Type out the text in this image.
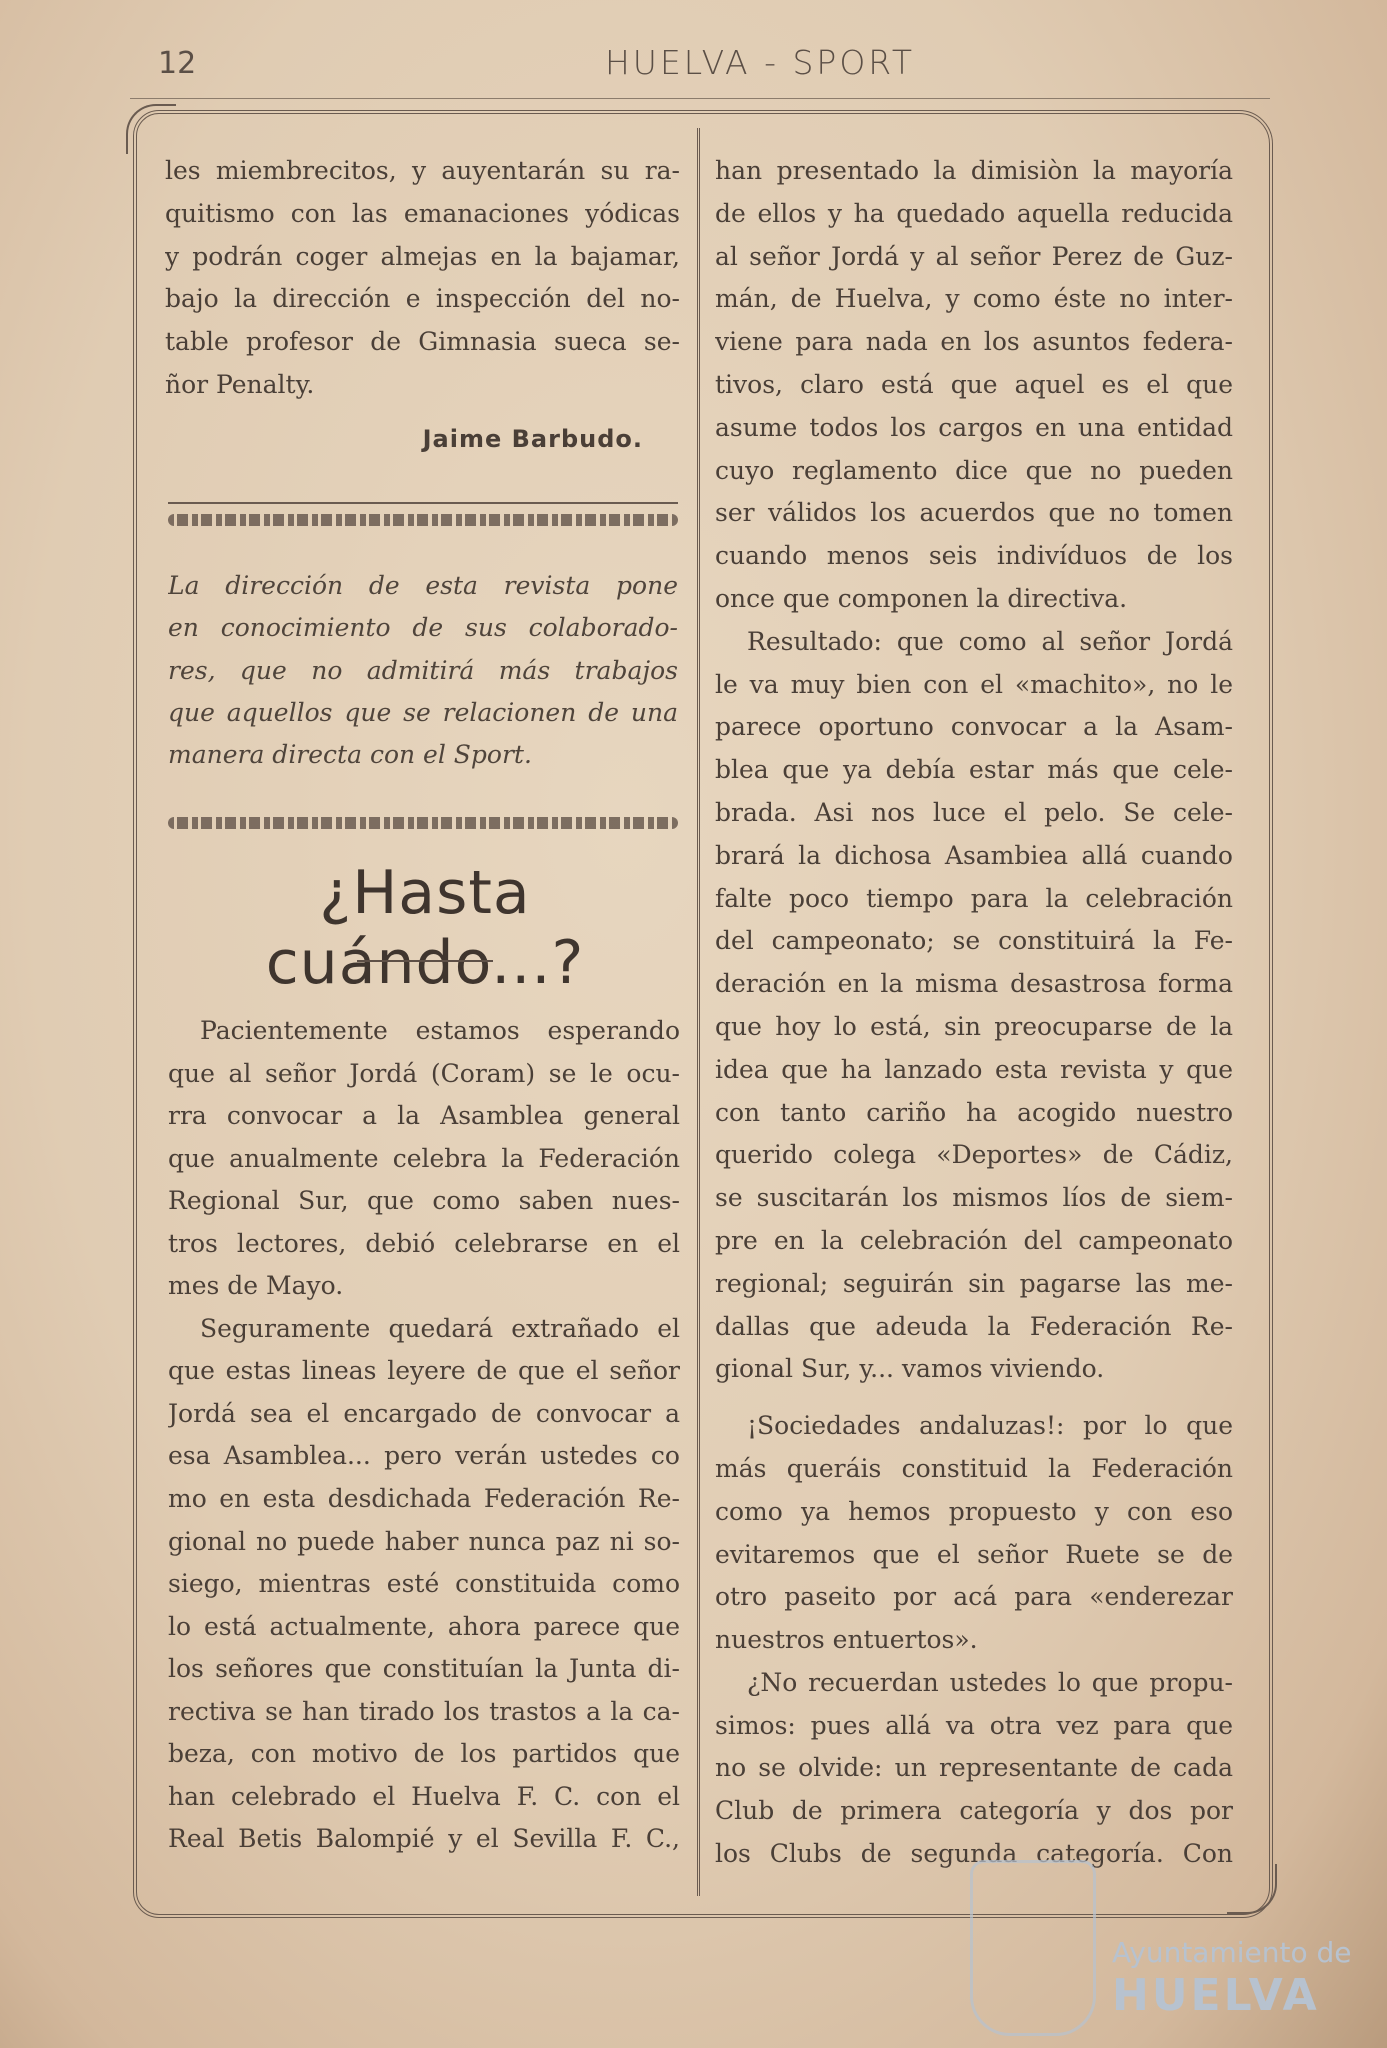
12	HUELVA - SPORT
les miembrecitos, y auyentarán su ra-
quitismo con las emanaciones yódicas
y podrán coger almejas en la bajamar,
bajo la dirección e inspección del no-
table profesor de Gimnasia sueca se-
ñor Penalty.
Jaime Barbudo.
La dirección de esta revista pone
en conocimiento de sus colaborado-
res, que no admitirá más trabajos
que aquellos que se relacionen de una
manera directa con el Sport.
¿Hasta cuándo...?
Pacientemente estamos esperando
que al señor Jordá (Coram) se le ocu-
rra convocar a la Asamblea general
que anualmente celebra la Federación
Regional Sur, que como saben nues-
tros lectores, debió celebrarse en el
mes de Mayo.
Seguramente quedará extrañado el
que estas lineas leyere de que el señor
Jordá sea el encargado de convocar a
esa Asamblea... pero verán ustedes co
mo en esta desdichada Federación Re-
gional no puede haber nunca paz ni so-
siego, mientras esté constituida como
lo está actualmente, ahora parece que
los señores que constituían la Junta di-
rectiva se han tirado los trastos a la ca-
beza, con motivo de los partidos que
han celebrado el Huelva F. C. con el
Real Betis Balompié y el Sevilla F. C.,
han presentado la dimisiòn la mayoría
de ellos y ha quedado aquella reducida
al señor Jordá y al señor Perez de Guz-
mán, de Huelva, y como éste no inter-
viene para nada en los asuntos federa-
tivos, claro está que aquel es el que
asume todos los cargos en una entidad
cuyo reglamento dice que no pueden
ser válidos los acuerdos que no tomen
cuando menos seis indivíduos de los
once que componen la directiva.
Resultado: que como al señor Jordá
le va muy bien con el «machito», no le
parece oportuno convocar a la Asam-
blea que ya debía estar más que cele-
brada. Asi nos luce el pelo. Se cele-
brará la dichosa Asambiea allá cuando
falte poco tiempo para la celebración
del campeonato; se constituirá la Fe-
deración en la misma desastrosa forma
que hoy lo está, sin preocuparse de la
idea que ha lanzado esta revista y que
con tanto cariño ha acogido nuestro
querido colega «Deportes» de Cádiz,
se suscitarán los mismos líos de siem-
pre en la celebración del campeonato
regional; seguirán sin pagarse las me-
dallas que adeuda la Federación Re-
gional Sur, y... vamos viviendo.
¡Sociedades andaluzas!: por lo que
más queráis constituid la Federación
como ya hemos propuesto y con eso
evitaremos que el señor Ruete se de
otro paseito por acá para «enderezar
nuestros entuertos».
¿No recuerdan ustedes lo que propu-
simos: pues allá va otra vez para que
no se olvide: un representante de cada
Club de primera categoría y dos por
los Clubs de segunda categoría. Con
Ayuntamiento de
HUELVA
